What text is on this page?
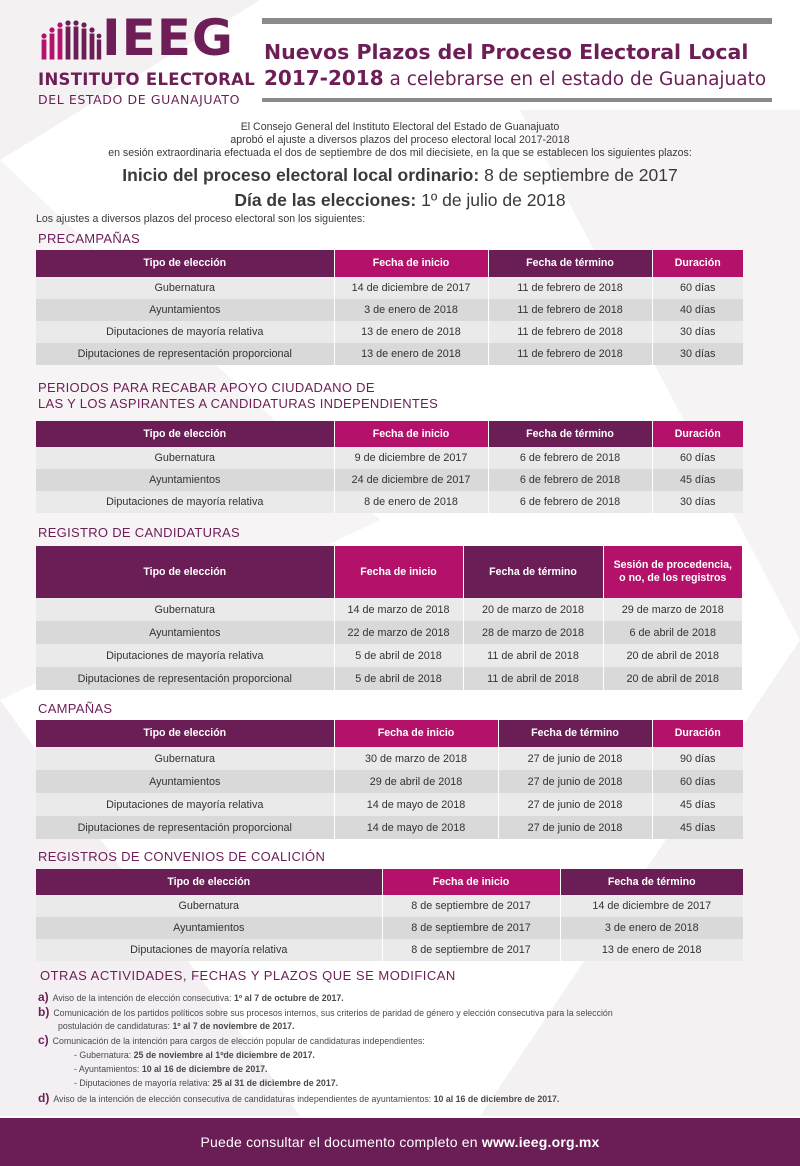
IEEG
INSTITUTO ELECTORAL
DEL ESTADO DE GUANAJUATO
Nuevos Plazos del Proceso Electoral Local
2017-2018 a celebrarse en el estado de Guanajuato
El Consejo General del Instituto Electoral del Estado de Guanajuato
aprobó el ajuste a diversos plazos del proceso electoral local 2017-2018
en sesión extraordinaria efectuada el dos de septiembre de dos mil diecisiete, en la que se establecen los siguientes plazos:
Inicio del proceso electoral local ordinario: 8 de septiembre de 2017
Día de las elecciones: 1º de julio de 2018
Los ajustes a diversos plazos del proceso electoral son los siguientes:
PRECAMPAÑAS
Tipo de elección	Fecha de inicio	Fecha de término	Duración
Gubernatura	14 de diciembre de 2017	11 de febrero de 2018	60 días
Ayuntamientos	3 de enero de 2018	11 de febrero de 2018	40 días
Diputaciones de mayoría relativa	13 de enero de 2018	11 de febrero de 2018	30 días
Diputaciones de representación proporcional	13 de enero de 2018	11 de febrero de 2018	30 días
PERIODOS PARA RECABAR APOYO CIUDADANO DE
LAS Y LOS ASPIRANTES A CANDIDATURAS INDEPENDIENTES
Tipo de elección	Fecha de inicio	Fecha de término	Duración
Gubernatura	9 de diciembre de 2017	6 de febrero de 2018	60 días
Ayuntamientos	24 de diciembre de 2017	6 de febrero de 2018	45 días
Diputaciones de mayoría relativa	8 de enero de 2018	6 de febrero de 2018	30 días
REGISTRO DE CANDIDATURAS
Tipo de elección	Fecha de inicio	Fecha de término	Sesión de procedencia, o no, de los registros
Gubernatura	14 de marzo de 2018	20 de marzo de 2018	29 de marzo de 2018
Ayuntamientos	22 de marzo de 2018	28 de marzo de 2018	6 de abril de 2018
Diputaciones de mayoría relativa	5 de abril de 2018	11 de abril de 2018	20 de abril de 2018
Diputaciones de representación proporcional	5 de abril de 2018	11 de abril de 2018	20 de abril de 2018
CAMPAÑAS
Tipo de elección	Fecha de inicio	Fecha de término	Duración
Gubernatura	30 de marzo de 2018	27 de junio de 2018	90 días
Ayuntamientos	29 de abril de 2018	27 de junio de 2018	60 días
Diputaciones de mayoría relativa	14 de mayo de 2018	27 de junio de 2018	45 días
Diputaciones de representación proporcional	14 de mayo de 2018	27 de junio de 2018	45 días
REGISTROS DE CONVENIOS DE COALICIÓN
Tipo de elección	Fecha de inicio	Fecha de término
Gubernatura	8 de septiembre de 2017	14 de diciembre de 2017
Ayuntamientos	8 de septiembre de 2017	3 de enero de 2018
Diputaciones de mayoría relativa	8 de septiembre de 2017	13 de enero de 2018
OTRAS ACTIVIDADES, FECHAS Y PLAZOS QUE SE MODIFICAN
a) Aviso de la intención de elección consecutiva: 1º al 7 de octubre de 2017.
b) Comunicación de los partidos políticos sobre sus procesos internos, sus criterios de paridad de género y elección consecutiva para la selección
postulación de candidaturas: 1º al 7 de noviembre de 2017.
c) Comunicación de la intención para cargos de elección popular de candidaturas independientes:
- Gubernatura: 25 de noviembre al 1ºde diciembre de 2017.
- Ayuntamientos: 10 al 16 de diciembre de 2017.
- Diputaciones de mayoría relativa: 25 al 31 de diciembre de 2017.
d) Aviso de la intención de elección consecutiva de candidaturas independientes de ayuntamientos: 10 al 16 de diciembre de 2017.
Puede consultar el documento completo en www.ieeg.org.mx
